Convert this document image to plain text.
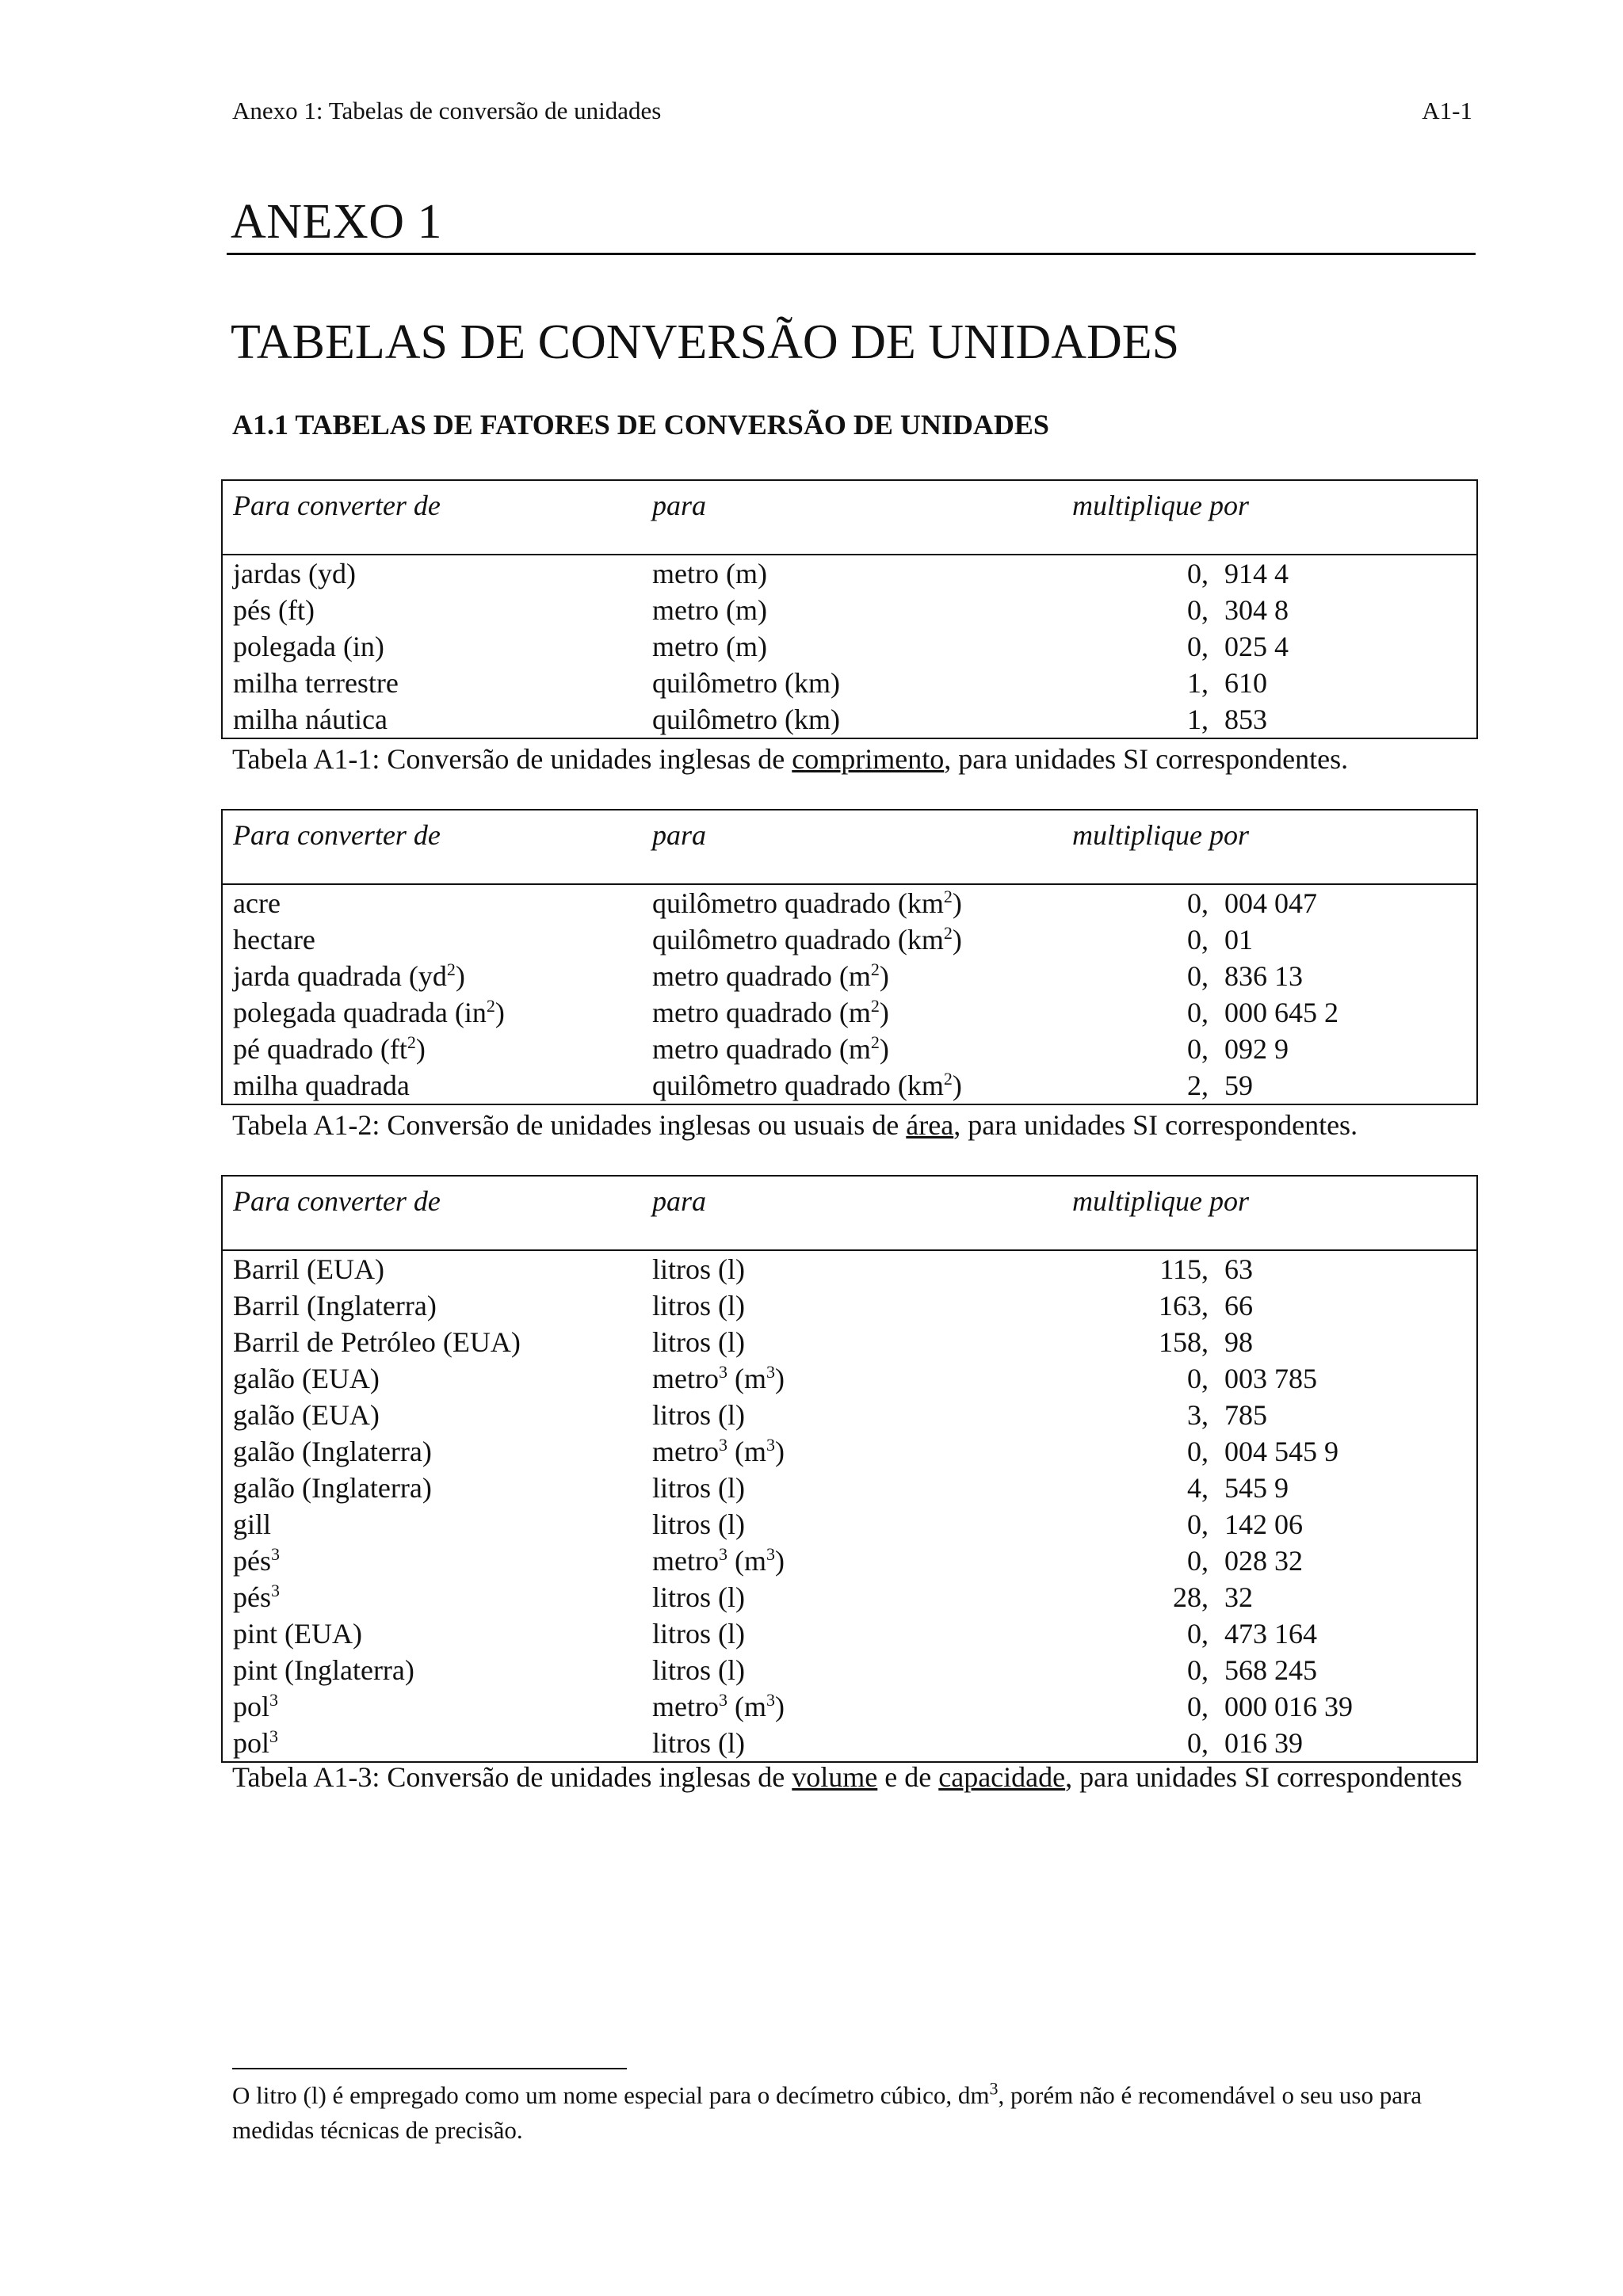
Anexo 1: Tabelas de conversão de unidades	A1-1
ANEXO 1
TABELAS DE CONVERSÃO DE UNIDADES
A1.1 TABELAS DE FATORES DE CONVERSÃO DE UNIDADES
Para converter de	para	multiplique por
jardas (yd)	metro (m)	0, 914 4
pés (ft)	metro (m)	0, 304 8
polegada (in)	metro (m)	0, 025 4
milha terrestre	quilômetro (km)	1, 610
milha náutica	quilômetro (km)	1, 853
Tabela A1-1: Conversão de unidades inglesas de comprimento, para unidades SI correspondentes.
Para converter de	para	multiplique por
acre	quilômetro quadrado $(km^2)$	0, 004 047
hectare	quilômetro quadrado $(km^2)$	0, 01
jarda quadrada $(yd^2)$	metro quadrado $(m^2)$	0, 836 13
polegada quadrada $(in^2)$	metro quadrado $(m^2)$	0, 000 645 2
pé quadrado $(ft^2)$	metro quadrado $(m^2)$	0, 092 9
milha quadrada	quilômetro quadrado $(km^2)$	2, 59
Tabela A1-2: Conversão de unidades inglesas ou usuais de área, para unidades SI correspondentes.
Para converter de	para	multiplique por
Barril (EUA)	litros (l)	115, 63
Barril (Inglaterra)	litros (l)	163, 66
Barril de Petróleo (EUA)	litros (l)	158, 98
galão (EUA)	metro$^3$ $(m^3)$	0, 003 785
galão (EUA)	litros (l)	3, 785
galão (Inglaterra)	metro$^3$ $(m^3)$	0, 004 545 9
galão (Inglaterra)	litros (l)	4, 545 9
gill	litros (l)	0, 142 06
pés$^3$	metro$^3$ $(m^3)$	0, 028 32
pés$^3$	litros (l)	28, 32
pint (EUA)	litros (l)	0, 473 164
pint (Inglaterra)	litros (l)	0, 568 245
pol$^3$	metro$^3$ $(m^3)$	0, 000 016 39
pol$^3$	litros (l)	0, 016 39
Tabela A1-3: Conversão de unidades inglesas de volume e de capacidade, para unidades SI correspondentes
O litro (l) é empregado como um nome especial para o decímetro cúbico, $dm^3$, porém não é recomendável o seu uso para medidas técnicas de precisão.
